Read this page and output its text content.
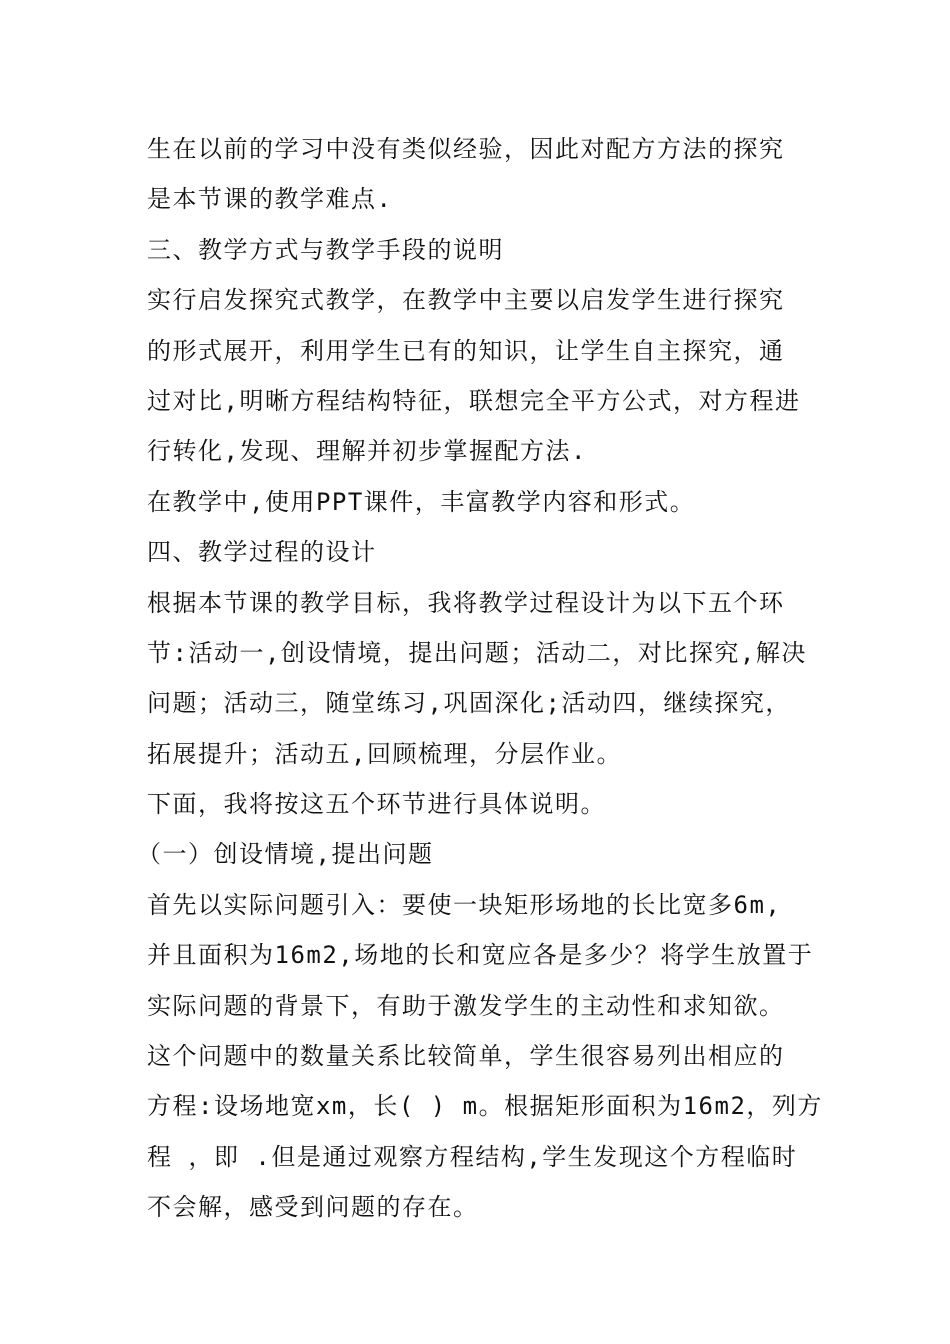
生在以前的学习中没有类似经验，因此对配方方法的探究
是本节课的教学难点.
三、教学方式与教学手段的说明
实行启发探究式教学，在教学中主要以启发学生进行探究
的形式展开，利用学生已有的知识，让学生自主探究，通
过对比,明晰方程结构特征，联想完全平方公式，对方程进
行转化,发现、理解并初步掌握配方法.
在教学中,使用PPT课件，丰富教学内容和形式。
四、教学过程的设计
根据本节课的教学目标，我将教学过程设计为以下五个环
节:活动一,创设情境，提出问题；活动二，对比探究,解决
问题；活动三，随堂练习,巩固深化;活动四，继续探究，
拓展提升；活动五,回顾梳理，分层作业。
下面，我将按这五个环节进行具体说明。
（一）创设情境,提出问题
首先以实际问题引入：要使一块矩形场地的长比宽多6m,
并且面积为16m2,场地的长和宽应各是多少？将学生放置于
实际问题的背景下，有助于激发学生的主动性和求知欲。
这个问题中的数量关系比较简单，学生很容易列出相应的
方程:设场地宽xm，长( ) m。根据矩形面积为16m2，列方
程 ，即 .但是通过观察方程结构,学生发现这个方程临时
不会解，感受到问题的存在。
